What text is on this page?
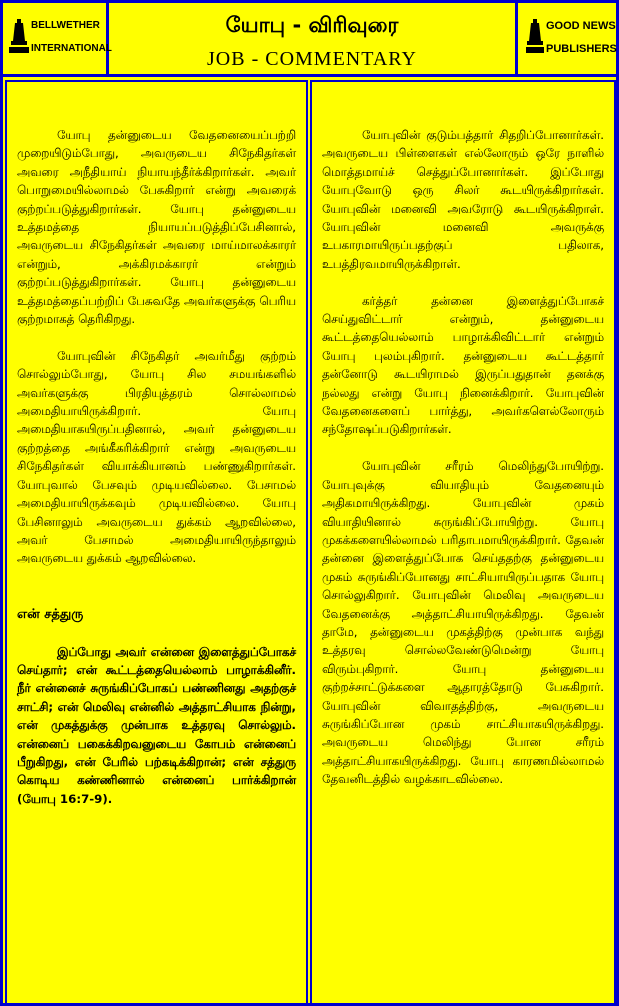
BELLWETHER
INTERNATIONAL
யோபு - விரிவுரை
JOB - COMMENTARY
GOOD NEWS
PUBLISHERS

யோபு தன்னுடைய வேதனையைப்பற்றி முறையிடும்போது, அவருடைய சிநேகிதர்கள் அவரை அநீதியாய் நியாயந்தீர்க்கிறார்கள். அவர் பொறுமையில்லாமல் பேசுகிறார் என்று அவரைக் குற்றப்படுத்துகிறார்கள். யோபு தன்னுடைய உத்தமத்தை நியாயப்படுத்திப்பேசினால், அவருடைய சிநேகிதர்கள் அவரை மாய்மாலக்காரர் என்றும், அக்கிரமக்காரர் என்றும் குற்றப்படுத்துகிறார்கள். யோபு தன்னுடைய உத்தமத்தைப்பற்றிப் பேசுவதே அவர்களுக்கு பெரிய குற்றமாகத் தெரிகிறது.

யோபுவின் சிநேகிதர் அவர்மீது குற்றம் சொல்லும்போது, யோபு சில சமயங்களில் அவர்களுக்கு பிரதியுத்தரம் சொல்லாமல் அமைதியாயிருக்கிறார். யோபு அமைதியாகயிருப்பதினால், அவர் தன்னுடைய குற்றத்தை அங்கீகரிக்கிறார் என்று அவருடைய சிநேகிதர்கள் வியாக்கியானம் பண்ணுகிறார்கள். யோபுவால் பேசவும் முடியவில்லை. பேசாமல் அமைதியாயிருக்கவும் முடியவில்லை. யோபு பேசினாலும் அவருடைய துக்கம் ஆறவில்லை, அவர் பேசாமல் அமைதியாயிருந்தாலும் அவருடைய துக்கம் ஆறவில்லை.

என் சத்துரு

இப்போது அவர் என்னை இளைத்துப்போகச் செய்தார்; என் கூட்டத்தையெல்லாம் பாழாக்கினீர். நீர் என்னைச் சுருங்கிப்போகப் பண்ணினது அதற்குச் சாட்சி; என் மெலிவு என்னில் அத்தாட்சியாக நின்று, என் முகத்துக்கு முன்பாக உத்தரவு சொல்லும். என்னைப் பகைக்கிறவனுடைய கோபம் என்னைப் பீறுகிறது, என் பேரில் பற்கடிக்கிறான்; என் சத்துரு கொடிய கண்ணினால் என்னைப் பார்க்கிறான் (யோபு 16:7-9).

யோபுவின் குடும்பத்தார் சிதறிப்போனார்கள். அவருடைய பிள்ளைகள் எல்லோரும் ஒரே நாளில் மொத்தமாய்ச் செத்துப்போனார்கள். இப்போது யோபுவோடு ஒரு சிலர் கூடயிருக்கிறார்கள். யோபுவின் மனைவி அவரோடு கூடயிருக்கிறாள். யோபுவின் மனைவி அவருக்கு உபகாரமாயிருப்பதற்குப் பதிலாக, உபத்திரவமாயிருக்கிறாள்.

கர்த்தர் தன்னை இளைத்துப்போகச் செய்துவிட்டார் என்றும், தன்னுடைய கூட்டத்தையெல்லாம் பாழாக்கிவிட்டார் என்றும் யோபு புலம்புகிறார். தன்னுடைய கூட்டத்தார் தன்னோடு கூடயிராமல் இருப்பதுதான் தனக்கு நல்லது என்று யோபு நினைக்கிறார். யோபுவின் வேதனைகளைப் பார்த்து, அவர்களெல்லோரும் சந்தோஷப்படுகிறார்கள்.

யோபுவின் சரீரம் மெலிந்துபோயிற்று. யோபுவுக்கு வியாதியும் வேதனையும் அதிகமாயிருக்கிறது. யோபுவின் முகம் வியாதியினால் சுருங்கிப்போயிற்று. யோபு முகக்களையில்லாமல் பரிதாபமாயிருக்கிறார். தேவன் தன்னை இளைத்துப்போக செய்ததற்கு தன்னுடைய முகம் சுருங்கிப்போனது சாட்சியாயிருப்பதாக யோபு சொல்லுகிறார். யோபுவின் மெலிவு அவருடைய வேதனைக்கு அத்தாட்சியாயிருக்கிறது. தேவன் தாமே, தன்னுடைய முகத்திற்கு முன்பாக வந்து உத்தரவு சொல்லவேண்டுமென்று யோபு விரும்புகிறார். யோபு தன்னுடைய குற்றச்சாட்டுக்களை ஆதாரத்தோடு பேசுகிறார். யோபுவின் விவாதத்திற்கு, அவருடைய சுருங்கிப்போன முகம் சாட்சியாகயிருக்கிறது. அவருடைய மெலிந்து போன சரீரம் அத்தாட்சியாகயிருக்கிறது. யோபு காரணமில்லாமல் தேவனிடத்தில் வழக்காடவில்லை.
